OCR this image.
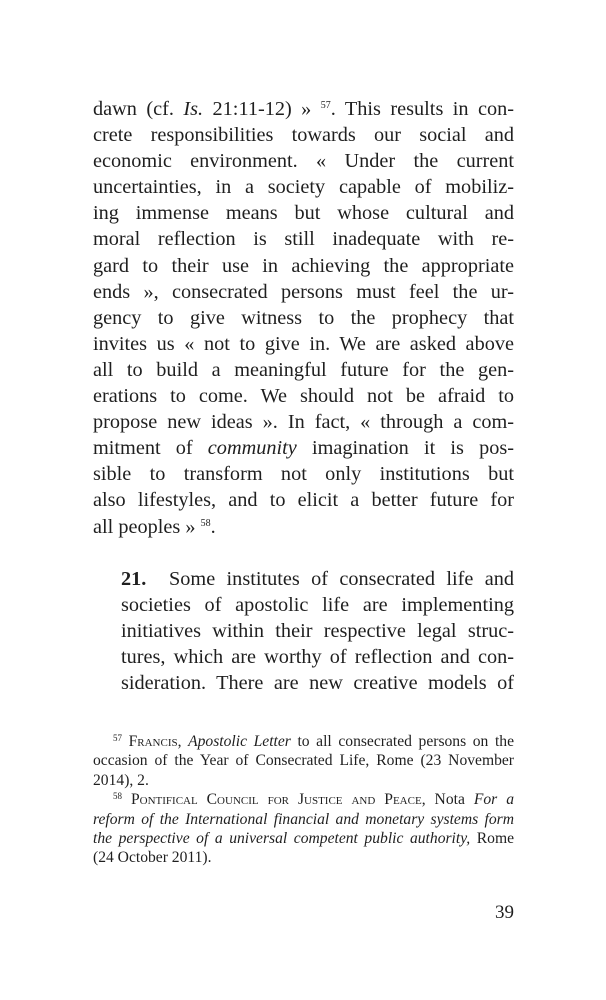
dawn (cf. Is. 21:11-12) » $^{57}$. This results in con-
crete responsibilities towards our social and
economic environment. « Under the current
uncertainties, in a society capable of mobiliz-
ing immense means but whose cultural and
moral reflection is still inadequate with re-
gard to their use in achieving the appropriate
ends », consecrated persons must feel the ur-
gency to give witness to the prophecy that
invites us « not to give in. We are asked above
all to build a meaningful future for the gen-
erations to come. We should not be afraid to
propose new ideas ». In fact, « through a com-
mitment of community imagination it is pos-
sible to transform not only institutions but
also lifestyles, and to elicit a better future for
all peoples » $^{58}$.

21. Some institutes of consecrated life and
societies of apostolic life are implementing
initiatives within their respective legal struc-
tures, which are worthy of reflection and con-
sideration. There are new creative models of

$^{57}$ Francis, Apostolic Letter to all consecrated persons on the occasion of the Year of Consecrated Life, Rome (23 November 2014), 2.

$^{58}$ Pontifical Council for Justice and Peace, Nota For a reform of the International financial and monetary systems form the perspective of a universal competent public authority, Rome (24 October 2011).

39
